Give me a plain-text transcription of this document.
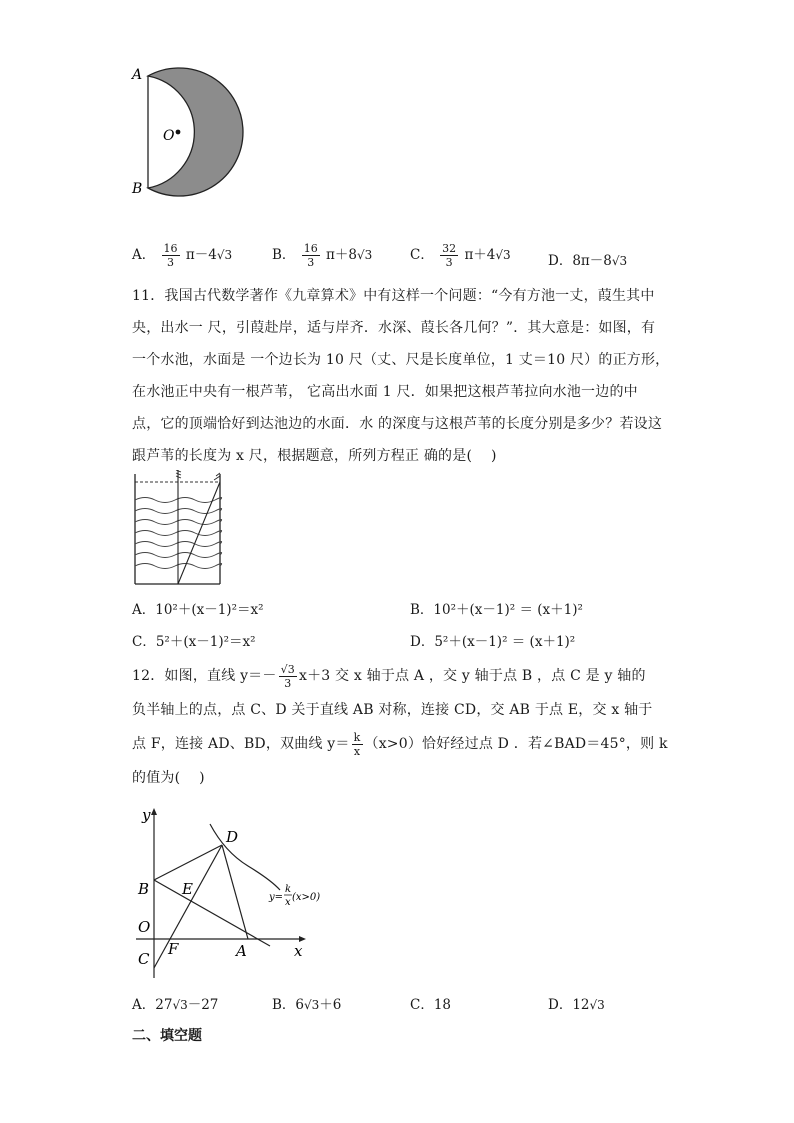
A
O
B
A． $\frac{16}{3} \pi-4√3$	B． $\frac{16}{3} \pi+8√3$	C． $\frac{32}{3} \pi+4√3$	D．8π－8√3
11．我国古代数学著作《九章算术》中有这样一个问题：“今有方池一丈，葭生其中
央，出水一 尺，引葭赴岸，适与岸齐．水深、葭长各几何？”．其大意是：如图，有
一个水池，水面是 一个边长为 10 尺（丈、尺是长度单位，1 丈＝10 尺）的正方形，
在水池正中央有一根芦苇， 它高出水面 1 尺．如果把这根芦苇拉向水池一边的中
点，它的顶端恰好到达池边的水面．水 的深度与这根芦苇的长度分别是多少？若设这
跟芦苇的长度为 x 尺，根据题意，所列方程正 确的是(　 )
A．10²＋(x－1)²＝x²	B．10²＋(x－1)² ＝ (x＋1)²
C．5²＋(x－1)²＝x²	D．5²＋(x－1)² ＝ (x＋1)²
12．如图，直线 $y=- \frac{√3}{3} x+3$ 交 x 轴于点 A ，交 y 轴于点 B ，点 C 是 y 轴的
负半轴上的点，点 C、D 关于直线 AB 对称，连接 CD，交 AB 于点 E，交 x 轴于
点 F，连接 AD、BD，双曲线 $y= \frac{k}{x} (x>0)$恰好经过点 D ．若∠BAD＝45°，则 k
的值为(　 )
y
x
D
B E
O
C
F	A
y=
k
x (x>0)
A．27√3－27	B．6√3＋6	C．18	D．12√3
二、填空题
